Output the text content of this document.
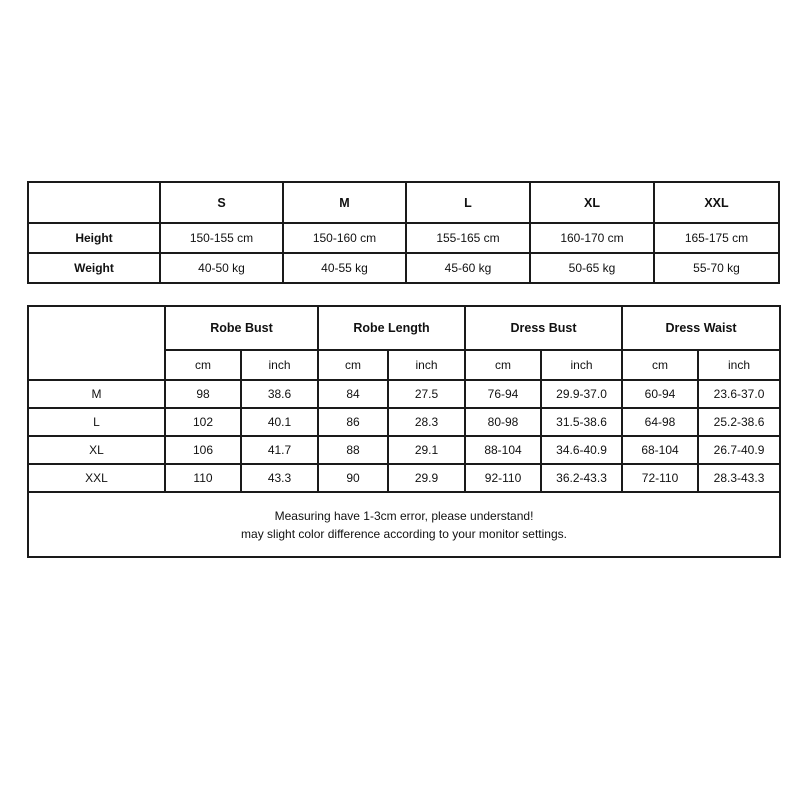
	S	M	L	XL	XXL
Height	150-155 cm	150-160 cm	155-165 cm	160-170 cm	165-175 cm
Weight	40-50 kg	40-55 kg	45-60 kg	50-65 kg	55-70 kg
	Robe Bust		Robe Length		Dress Bust		Dress Waist	
	cm	inch	cm	inch	cm	inch	cm	inch
M	98	38.6	84	27.5	76-94	29.9-37.0	60-94	23.6-37.0
L	102	40.1	86	28.3	80-98	31.5-38.6	64-98	25.2-38.6
XL	106	41.7	88	29.1	88-104	34.6-40.9	68-104	26.7-40.9
XXL	110	43.3	90	29.9	92-110	36.2-43.3	72-110	28.3-43.3

Measuring have 1-3cm error, please understand!
may slight color difference according to your monitor settings.								
